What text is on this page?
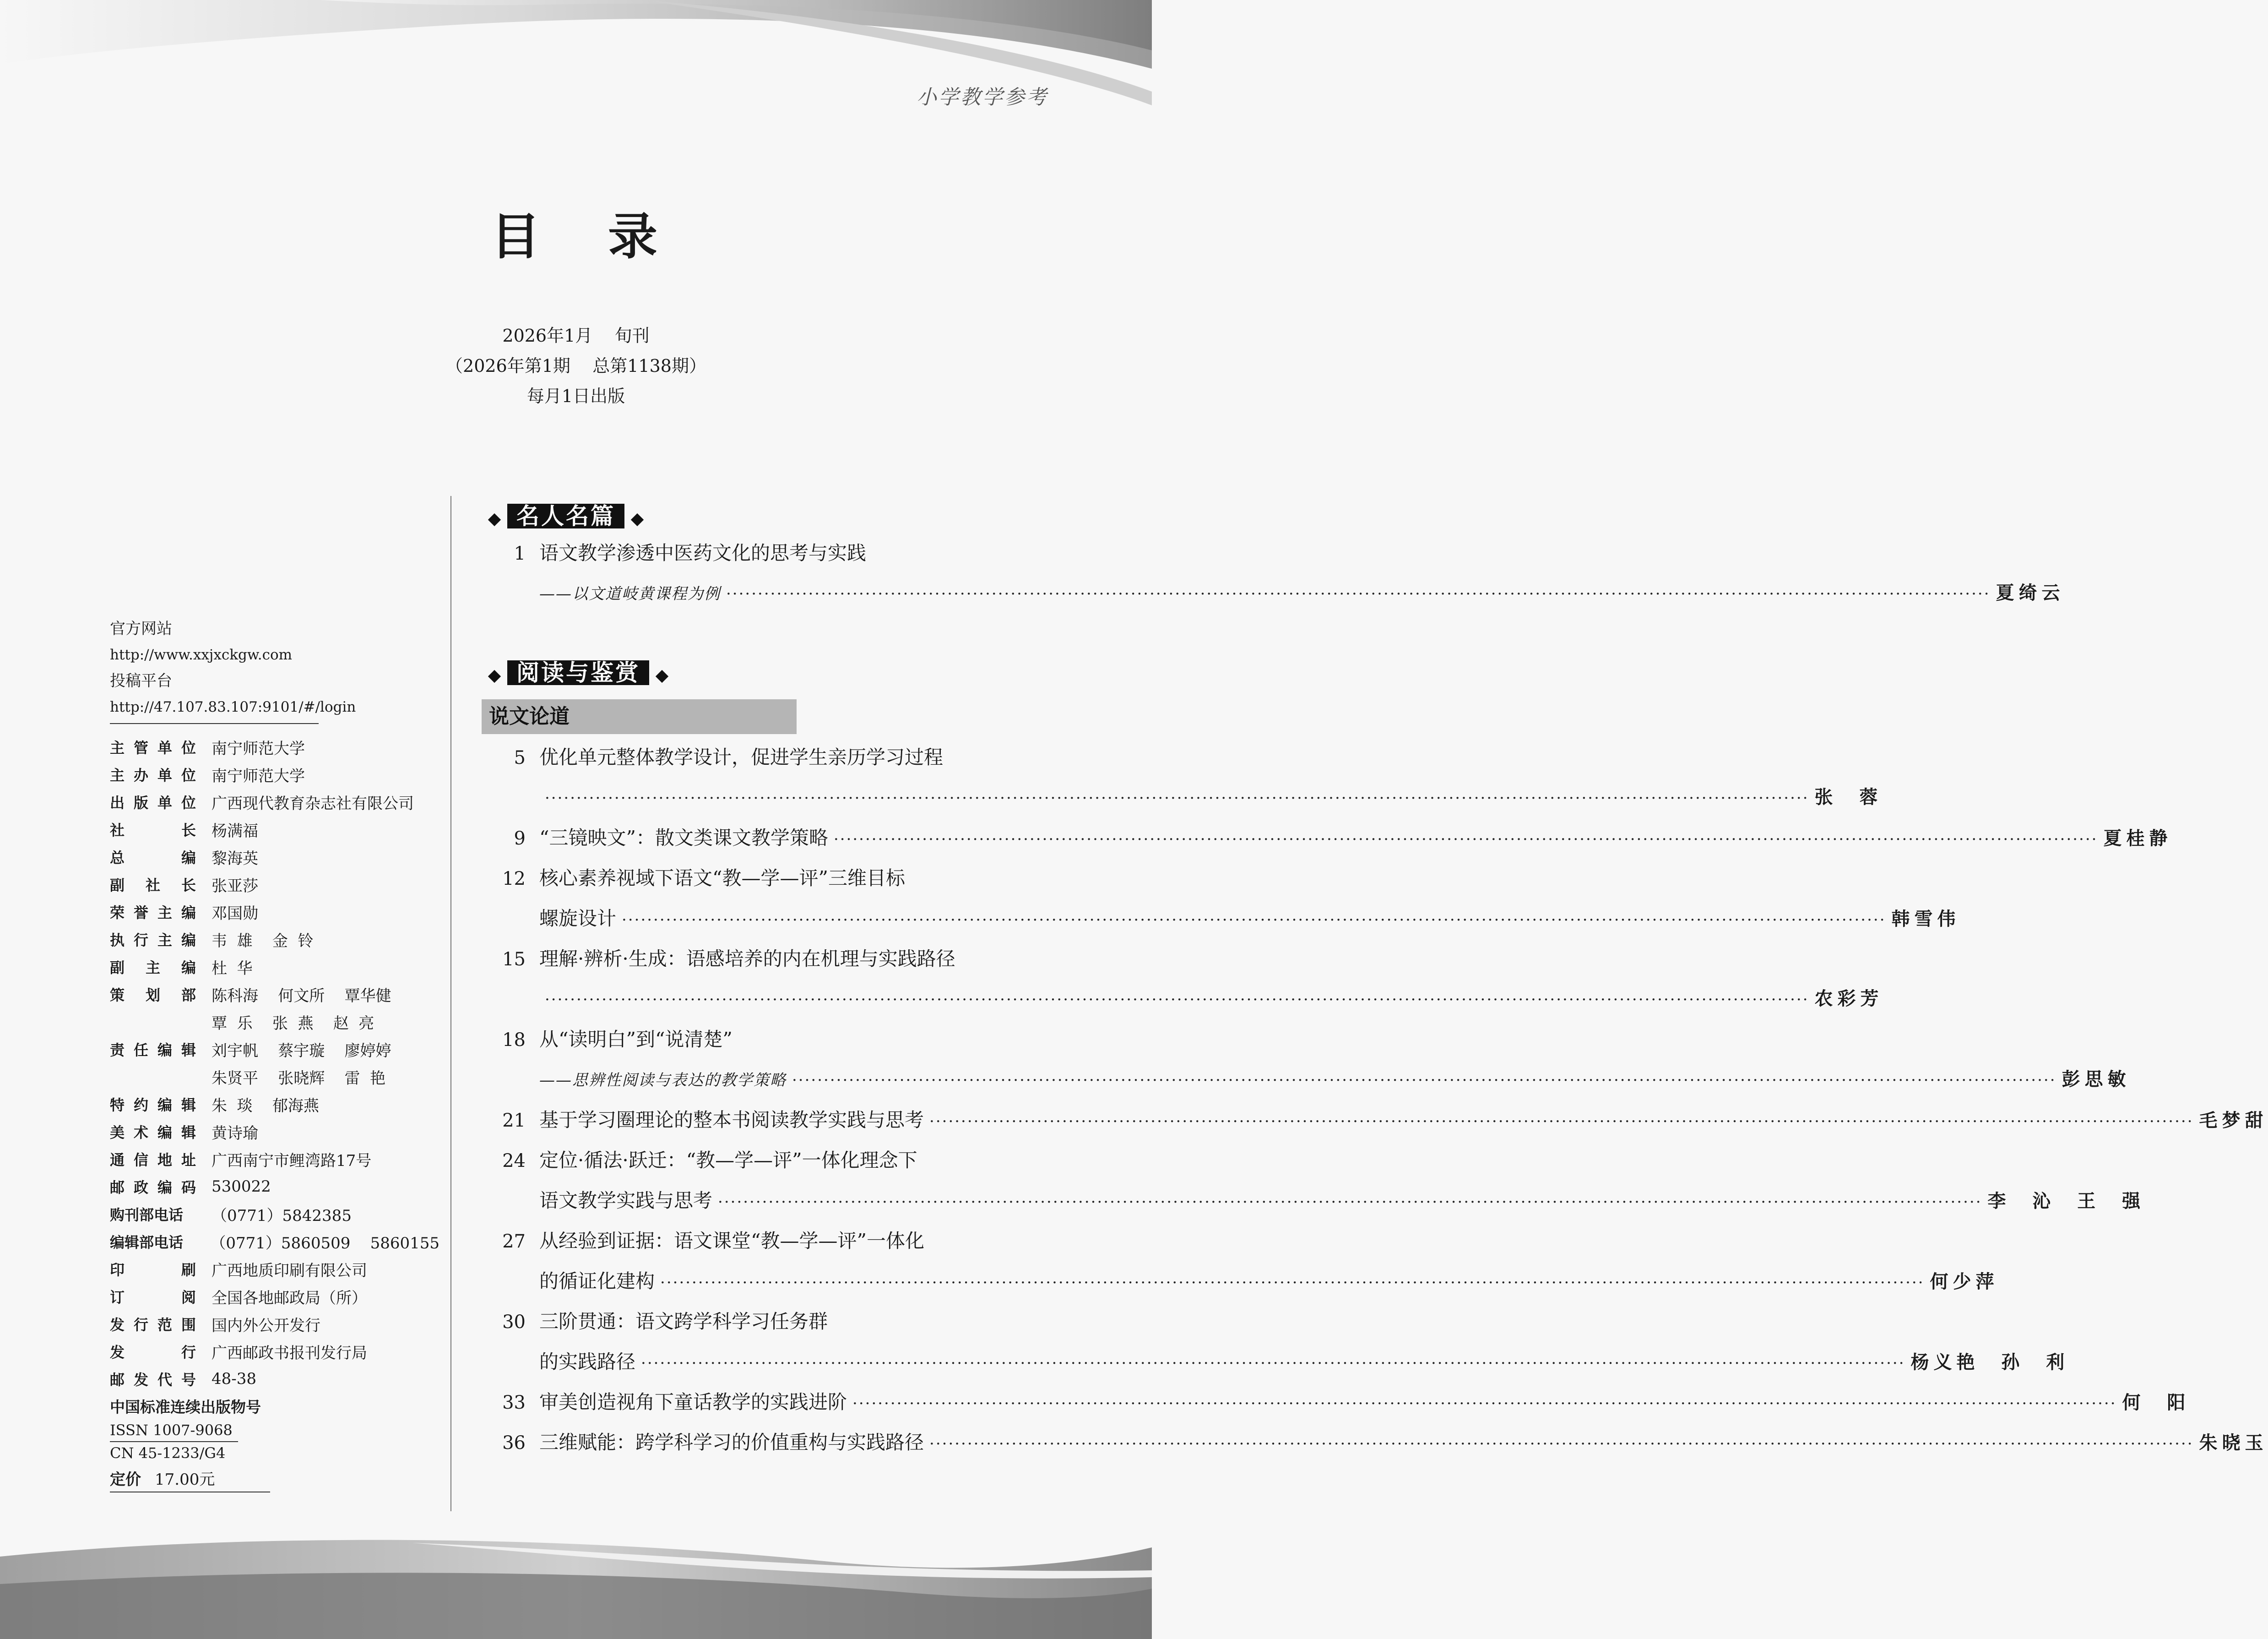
小学教学参考
目 录
2026年1月    旬刊
（2026年第1期    总第1138期）
每月1日出版
官方网站
http://www.xxjxckgw.com
投稿平台
http://47.107.83.107:9101/#/login
主 管 单 位 南宁师范大学
主 办 单 位 南宁师范大学
出 版 单 位 广西现代教育杂志社有限公司
社	长 杨满福
总	编 黎海英
副 社 长 张亚莎
荣 誉 主 编 邓国勋
执 行 主 编 韦  雄    金  铃
副 主 编 杜  华
策 划 部 陈科海    何文所    覃华健
覃  乐    张  燕    赵  亮
责 任 编 辑 刘宇帆    蔡宇璇    廖婷婷
朱贤平    张晓辉    雷  艳
特 约 编 辑 朱  琰    郁海燕
美 术 编 辑 黄诗瑜
通 信 地 址 广西南宁市鲤湾路17号
邮 政 编 码 530022
购刊部电话 （0771）5842385
编辑部电话 （0771）5860509    5860155
印	刷 广西地质印刷有限公司
订	阅 全国各地邮政局（所）
发 行 范 围 国内外公开发行
发	行 广西邮政书报刊发行局
邮 发 代 号 48-38
中国标准连续出版物号
ISSN 1007-9068
CN 45-1233/G4
定价 17.00元
名人名篇
1 语文教学渗透中医药文化的思考与实践
——以文道岐黄课程为例 ········································································································································································································ 夏绮云
阅读与鉴赏
说文论道
5 优化单元整体教学设计，促进学生亲历学习过程
········································································································································································································ 张  蓉
9 “三镜映文”：散文类课文教学策略 ········································································································································································································ 夏桂静
12 核心素养视域下语文“教—学—评”三维目标
螺旋设计 ········································································································································································································ 韩雪伟
15 理解·辨析·生成：语感培养的内在机理与实践路径
········································································································································································································ 农彩芳
18 从“读明白”到“说清楚”
——思辨性阅读与表达的教学策略 ········································································································································································································ 彭思敏
21 基于学习圈理论的整本书阅读教学实践与思考 ········································································································································································································ 毛梦甜
24 定位·循法·跃迁：“教—学—评”一体化理念下
语文教学实践与思考 ········································································································································································································ 李  沁  王  强
27 从经验到证据：语文课堂“教—学—评”一体化
的循证化建构 ········································································································································································································ 何少萍
30 三阶贯通：语文跨学科学习任务群
的实践路径 ········································································································································································································ 杨义艳  孙  利
33 审美创造视角下童话教学的实践进阶 ········································································································································································································ 何  阳
36 三维赋能：跨学科学习的价值重构与实践路径 ········································································································································································································ 朱晓玉
